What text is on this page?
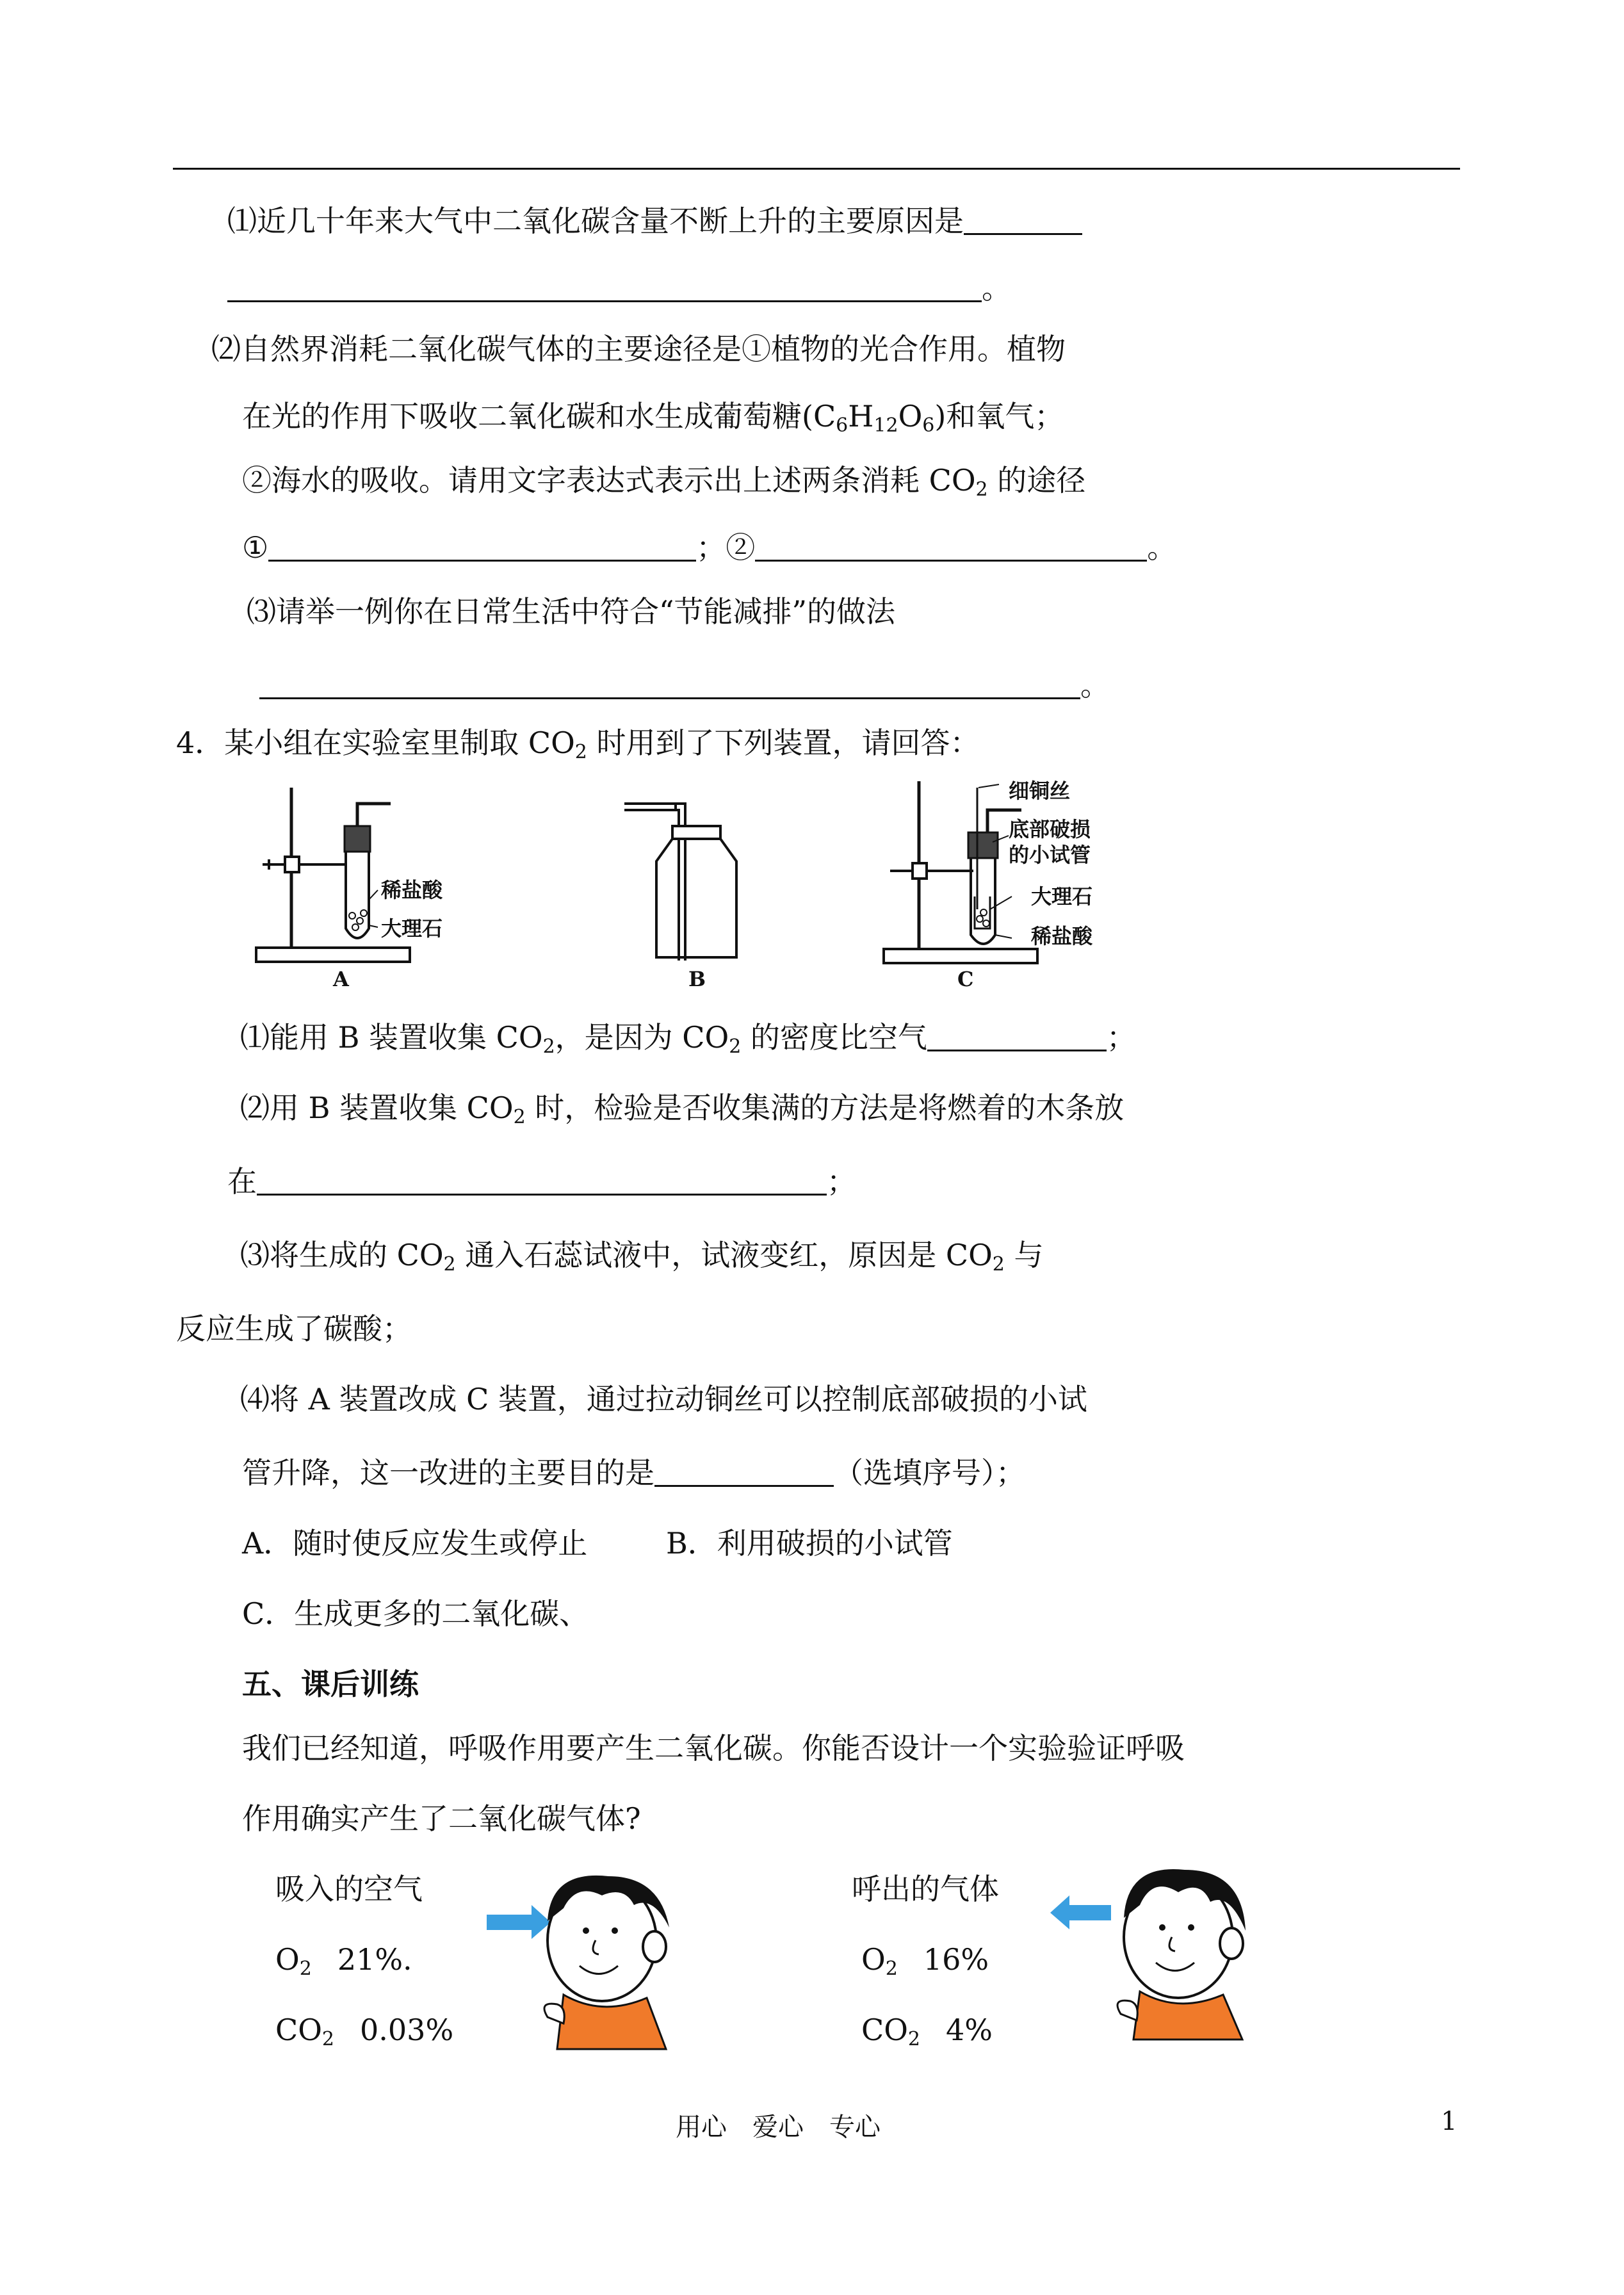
⑴近几十年来大气中二氧化碳含量不断上升的主要原因是
。
⑵自然界消耗二氧化碳气体的主要途径是①植物的光合作用。植物
在光的作用下吸收二氧化碳和水生成葡萄糖$(C_6H_{12}O_6)$和氧气；
②海水的吸收。请用文字表达式表示出上述两条消耗 $CO_2$ 的途径
①	；②	。
⑶请举一例你在日常生活中符合“节能减排”的做法
。
4．某小组在实验室里制取 $CO_2$ 时用到了下列装置，请回答：
稀盐酸
大理石
A	B
细铜丝
底部破损
的小试管
大理石
稀盐酸
C
⑴能用 B 装置收集 $CO_2$，是因为 $CO_2$ 的密度比空气	；
⑵用 B 装置收集 $CO_2$ 时，检验是否收集满的方法是将燃着的木条放
在	；
⑶将生成的 $CO_2$ 通入石蕊试液中，试液变红，原因是 $CO_2$ 与
反应生成了碳酸；
⑷将 A 装置改成 C 装置，通过拉动铜丝可以控制底部破损的小试
管升降，这一改进的主要目的是	（选填序号）；
A．随时使反应发生或停止	B．利用破损的小试管
C．生成更多的二氧化碳、
五、课后训练
我们已经知道，呼吸作用要产生二氧化碳。你能否设计一个实验验证呼吸
作用确实产生了二氧化碳气体?
吸入的空气
$O_2$ 21%.
$CO_2$ 0.03%
呼出的气体
$O_2$ 16%
$CO_2$ 4%
用心　爱心　专心	1
